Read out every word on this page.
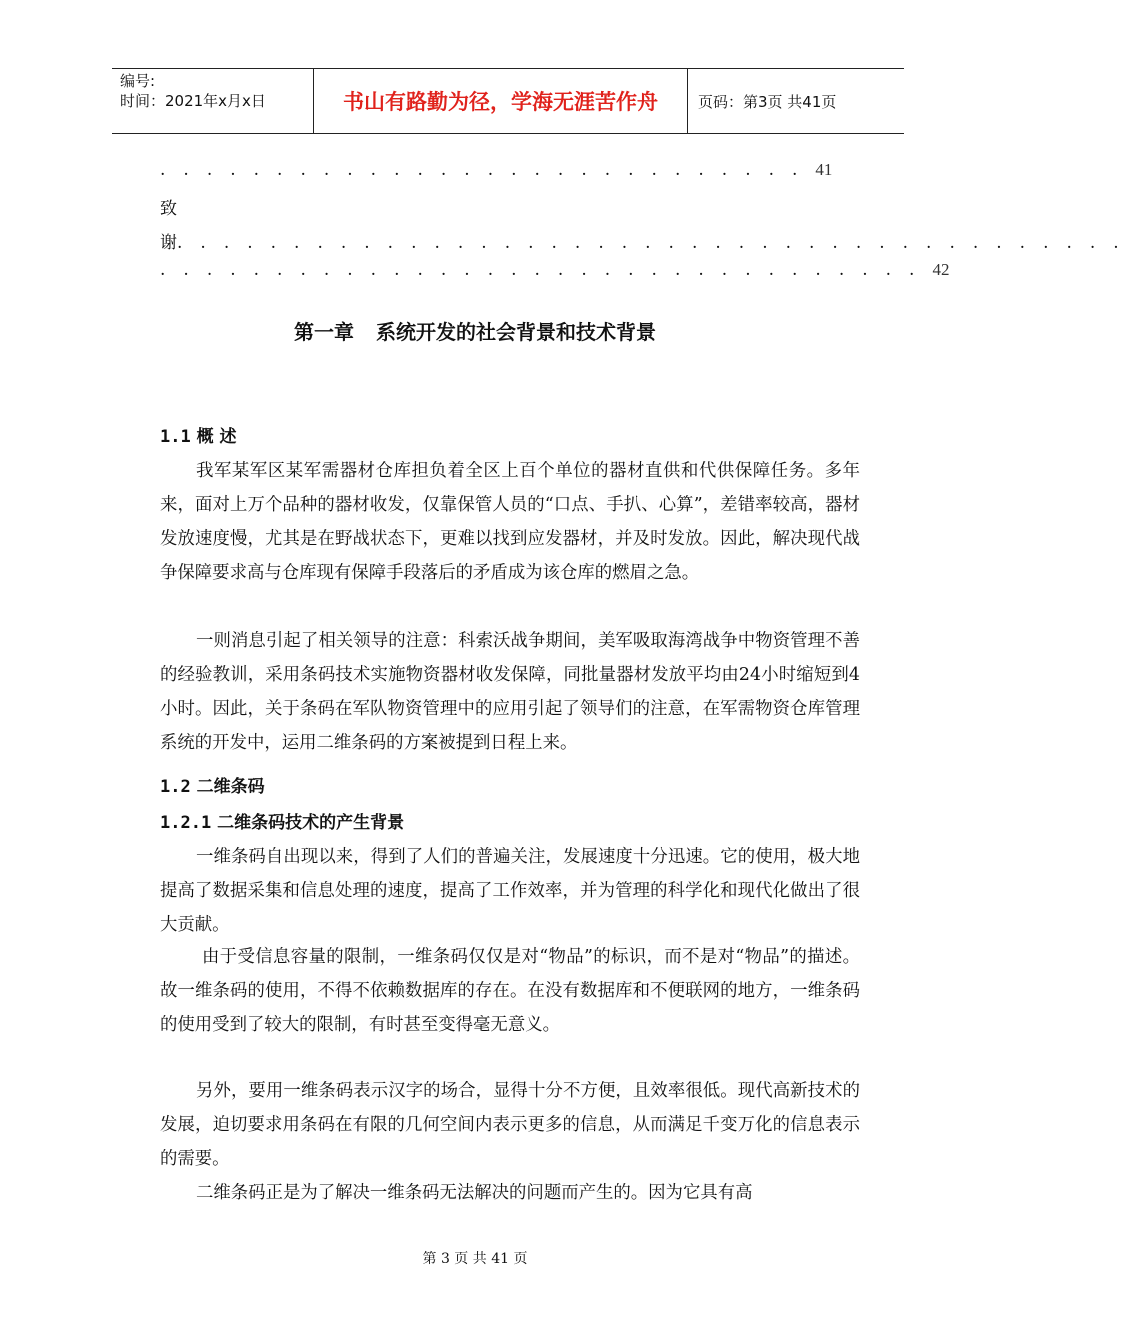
编号:
时间：2021年x月x日	书山有路勤为径，学海无涯苦作舟	页码：第3页 共41页
. . . . . . . . . . . . . . . . . . . . . . . . . . . . 41
致
谢. . . . . . . . . . . . . . . . . . . . . . . . . . . . . . . . . . . . . . . . .
. . . . . . . . . . . . . . . . . . . . . . . . . . . . . . . . . 42
第一章 系统开发的社会背景和技术背景
1.1 概 述
我军某军区某军需器材仓库担负着全区上百个单位的器材直供和代供保障任务。多年来，面对上万个品种的器材收发，仅靠保管人员的“口点、手扒、心算”，差错率较高，器材发放速度慢，尤其是在野战状态下，更难以找到应发器材，并及时发放。因此，解决现代战争保障要求高与仓库现有保障手段落后的矛盾成为该仓库的燃眉之急。
一则消息引起了相关领导的注意：科索沃战争期间，美军吸取海湾战争中物资管理不善的经验教训，采用条码技术实施物资器材收发保障，同批量器材发放平均由24小时缩短到4小时。因此，关于条码在军队物资管理中的应用引起了领导们的注意，在军需物资仓库管理系统的开发中，运用二维条码的方案被提到日程上来。
1.2 二维条码
1.2.1 二维条码技术的产生背景
一维条码自出现以来，得到了人们的普遍关注，发展速度十分迅速。它的使用，极大地提高了数据采集和信息处理的速度，提高了工作效率，并为管理的科学化和现代化做出了很大贡献。
由于受信息容量的限制，一维条码仅仅是对“物品”的标识，而不是对“物品”的描述。故一维条码的使用，不得不依赖数据库的存在。在没有数据库和不便联网的地方，一维条码的使用受到了较大的限制，有时甚至变得毫无意义。
另外，要用一维条码表示汉字的场合，显得十分不方便，且效率很低。现代高新技术的发展，迫切要求用条码在有限的几何空间内表示更多的信息，从而满足千变万化的信息表示的需要。
二维条码正是为了解决一维条码无法解决的问题而产生的。因为它具有高
第 3 页 共 41 页
